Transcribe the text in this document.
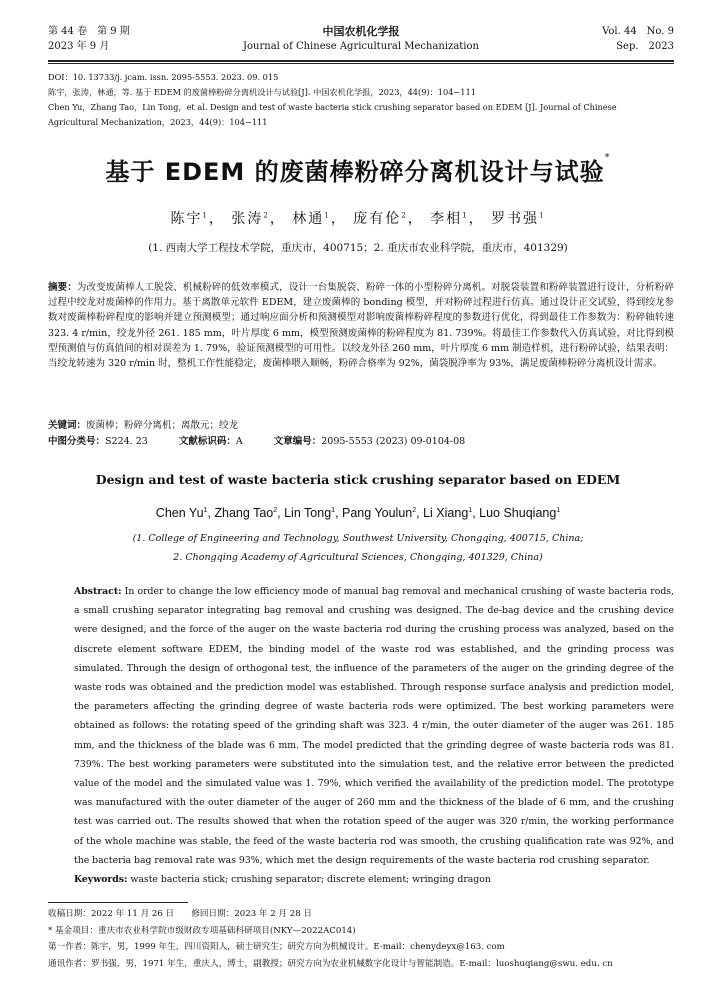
第 44 卷　第 9 期
2023 年 9 月
中国农机化学报
Journal of Chinese Agricultural Mechanization
Vol. 44　No. 9
Sep.　2023
DOI：10. 13733/j. jcam. issn. 2095-5553. 2023. 09. 015
陈宇，张涛，林通，等. 基于 EDEM 的废菌棒粉碎分离机设计与试验[J]. 中国农机化学报，2023，44(9)：104−111
Chen Yu，Zhang Tao，Lin Tong，et al. Design and test of waste bacteria stick crushing separator based on EDEM [J]. Journal of Chinese
Agricultural Mechanization，2023，44(9)：104−111
基于 EDEM 的废菌棒粉碎分离机设计与试验*
陈宇$^1$， 张涛$^2$， 林通$^1$， 庞有伦$^2$， 李相$^1$， 罗书强$^1$
(1. 西南大学工程技术学院，重庆市，400715；2. 重庆市农业科学院，重庆市，401329)
摘要：为改变废菌棒人工脱袋、机械粉碎的低效率模式，设计一台集脱袋、粉碎一体的小型粉碎分离机。对脱袋装置和粉碎装置进行设计，分析粉碎过程中绞龙对废菌棒的作用力。基于离散单元软件 EDEM，建立废菌棒的 bonding 模型，并对粉碎过程进行仿真。通过设计正交试验，得到绞龙参数对废菌棒粉碎程度的影响并建立预测模型；通过响应面分析和预测模型对影响废菌棒粉碎程度的参数进行优化，得到最佳工作参数为：粉碎轴转速 323. 4 r/min，绞龙外径 261. 185 mm，叶片厚度 6 mm，模型预测废菌棒的粉碎程度为 81. 739%。将最佳工作参数代入仿真试验，对比得到模型预测值与仿真值间的相对误差为 1. 79%，验证预测模型的可用性。以绞龙外径 260 mm，叶片厚度 6 mm 制造样机，进行粉碎试验，结果表明：当绞龙转速为 320 r/min 时，整机工作性能稳定，废菌棒喂入顺畅，粉碎合格率为 92%，菌袋脱净率为 93%，满足废菌棒粉碎分离机设计需求。
关键词：废菌棒；粉碎分离机；离散元；绞龙
中图分类号：S224. 23	文献标识码：A	文章编号：2095-5553 (2023) 09-0104-08
Design and test of waste bacteria stick crushing separator based on EDEM
Chen Yu$^1$, Zhang Tao$^2$, Lin Tong$^1$, Pang Youlun$^2$, Li Xiang$^1$, Luo Shuqiang$^1$
(1. College of Engineering and Technology, Southwest University, Chongqing, 400715, China;
2. Chongqing Academy of Agricultural Sciences, Chongqing, 401329, China)
Abstract: In order to change the low efficiency mode of manual bag removal and mechanical crushing of waste bacteria rods, a small crushing separator integrating bag removal and crushing was designed. The de-bag device and the crushing device were designed, and the force of the auger on the waste bacteria rod during the crushing process was analyzed, based on the discrete element software EDEM, the binding model of the waste rod was established, and the grinding process was simulated. Through the design of orthogonal test, the influence of the parameters of the auger on the grinding degree of the waste rods was obtained and the prediction model was established. Through response surface analysis and prediction model, the parameters affecting the grinding degree of waste bacteria rods were optimized. The best working parameters were obtained as follows: the rotating speed of the grinding shaft was 323. 4 r/min, the outer diameter of the auger was 261. 185 mm, and the thickness of the blade was 6 mm. The model predicted that the grinding degree of waste bacteria rods was 81. 739%. The best working parameters were substituted into the simulation test, and the relative error between the predicted value of the model and the simulated value was 1. 79%, which verified the availability of the prediction model. The prototype was manufactured with the outer diameter of the auger of 260 mm and the thickness of the blade of 6 mm, and the crushing test was carried out. The results showed that when the rotation speed of the auger was 320 r/min, the working performance of the whole machine was stable, the feed of the waste bacteria rod was smooth, the crushing qualification rate was 92%, and the bacteria bag removal rate was 93%, which met the design requirements of the waste bacteria rod crushing separator.
Keywords: waste bacteria stick; crushing separator; discrete element; wringing dragon
收稿日期：2022 年 11 月 26 日　　修回日期：2023 年 2 月 28 日
* 基金项目：重庆市农业科学院市级财政专项基础科研项目(NKY—2022AC014)
第一作者：陈宇，男，1999 年生，四川资阳人，硕士研究生；研究方向为机械设计。E-mail：chenydeyx@163. com
通讯作者：罗书强，男，1971 年生，重庆人，博士，副教授；研究方向为农业机械数字化设计与智能制造。E-mail：luoshuqiang@swu. edu. cn
